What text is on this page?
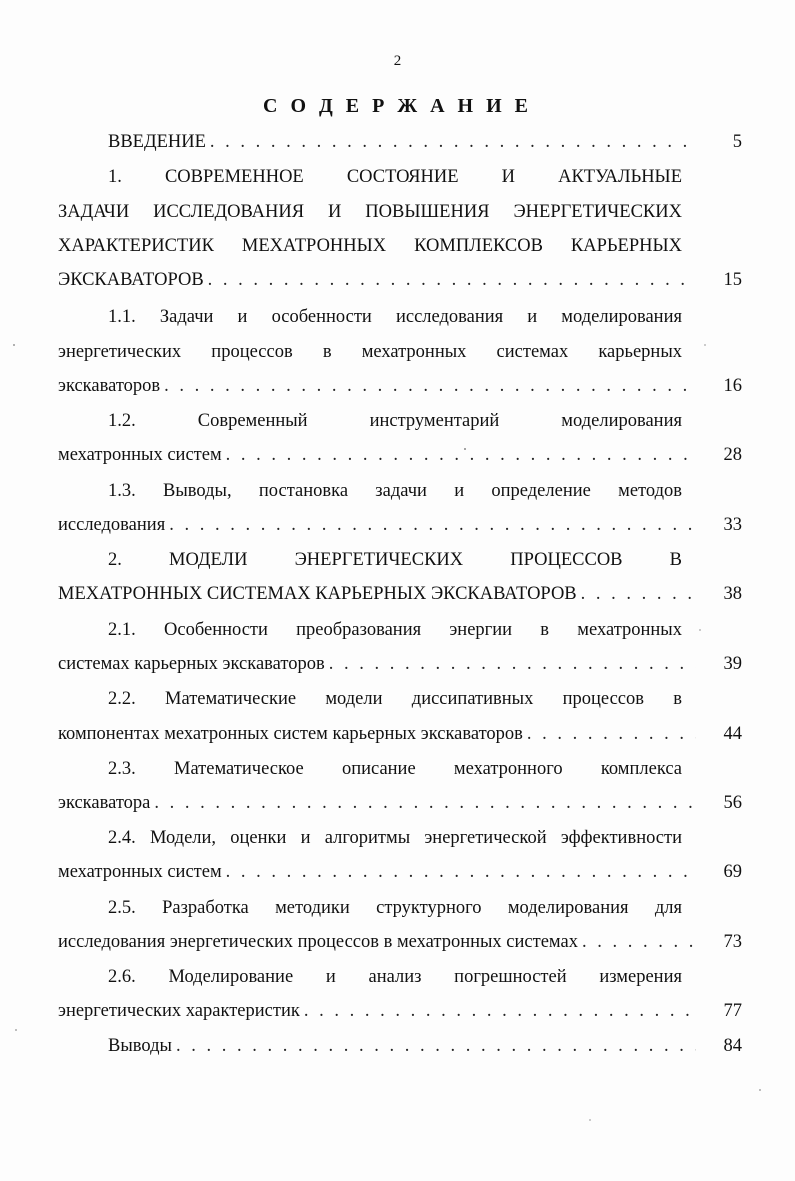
2
С О Д Е Р Ж А Н И Е
ВВЕДЕНИЕ . . .	5
1. СОВРЕМЕННОЕ СОСТОЯНИЕ И АКТУАЛЬНЫЕ
ЗАДАЧИ ИССЛЕДОВАНИЯ И ПОВЫШЕНИЯ ЭНЕРГЕТИЧЕСКИХ
ХАРАКТЕРИСТИК МЕХАТРОННЫХ КОМПЛЕКСОВ КАРЬЕРНЫХ
ЭКСКАВАТОРОВ . . .	15
1.1. Задачи и особенности исследования и моделирования
энергетических процессов в мехатронных системах карьерных
экскаваторов . . .	16
1.2. Современный инструментарий моделирования
мехатронных систем . . .	28
1.3. Выводы, постановка задачи и определение методов
исследования . . .	33
2. МОДЕЛИ ЭНЕРГЕТИЧЕСКИХ ПРОЦЕССОВ В
МЕХАТРОННЫХ СИСТЕМАХ КАРЬЕРНЫХ ЭКСКАВАТОРОВ . . .	38
2.1. Особенности преобразования энергии в мехатронных
системах карьерных экскаваторов . . .	39
2.2. Математические модели диссипативных процессов в
компонентах мехатронных систем карьерных экскаваторов . . .	44
2.3. Математическое описание мехатронного комплекса
экскаватора . . .	56
2.4. Модели, оценки и алгоритмы энергетической эффективности
мехатронных систем . . .	69
2.5. Разработка методики структурного моделирования для
исследования энергетических процессов в мехатронных системах . . .	73
2.6. Моделирование и анализ погрешностей измерения
энергетических характеристик . . .	77
Выводы . . .	84
